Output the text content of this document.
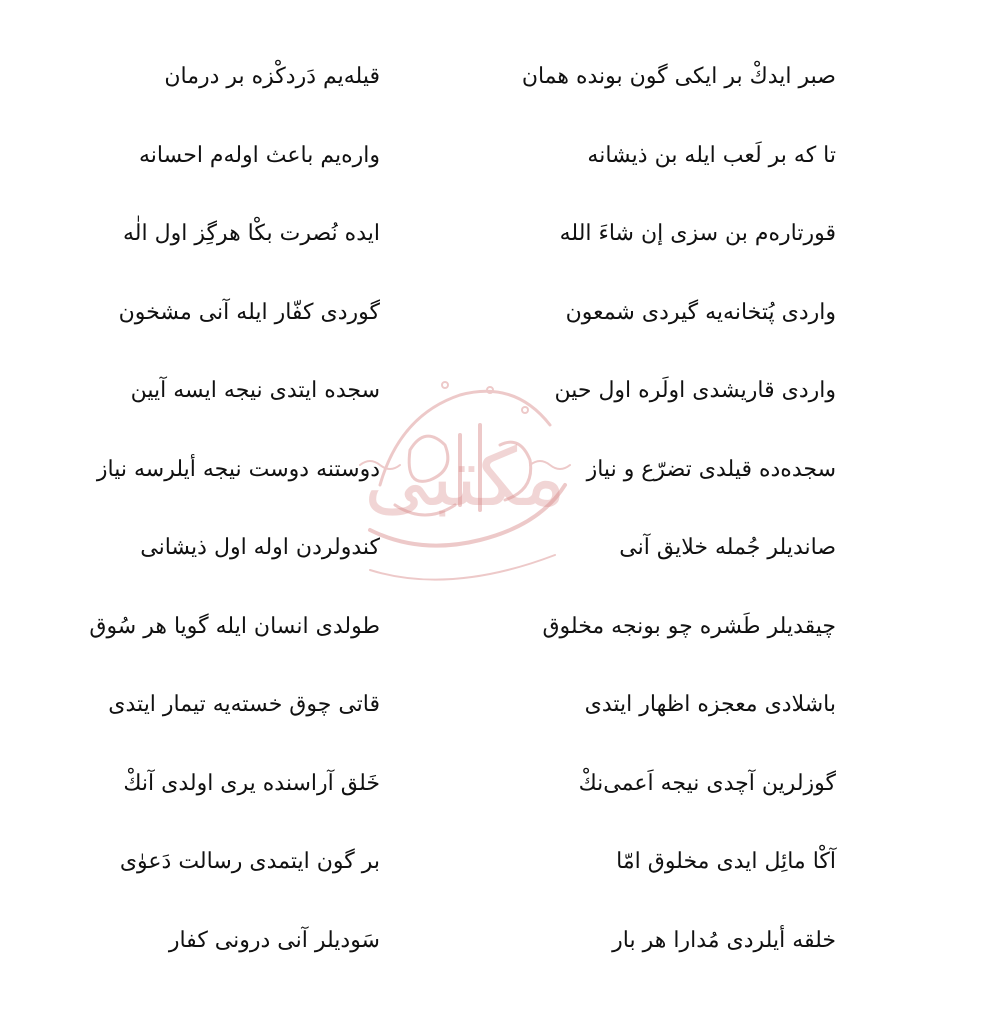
مکتبی
صبر ایدكْ بر ایکی گون بونده همان
قیلەیم دَردكْزه بر درمان
تا که بر لَعب ایله بن ذیشانه
وارەیم باعث اولەم احسانه
قورتارەم بن سزی إن شاءَ الله
ایده نُصرت بکْا هرگِز اول الٰه
واردی پُتخانەیه گیردی شمعون
گوردی کفّار ایله آنی مشخون
واردی قاریشدی اولَره اول حین
سجده ایتدی نیجه ایسه آیین
سجدەده قیلدی تضرّع و نیاز
دوستنه دوست نیجه أیلرسه نیاز
صاندیلر جُمله خلایق آنی
کندولردن اوله اول ذیشانی
چیقدیلر طَشره چو بونجه مخلوق
طولدی انسان ایله گویا هر سُوق
باشلادی معجزه اظهار ایتدی
قاتی چوق خستەیه تیمار ایتدی
گوزلرین آچدی نیجه اَعمی‌نكْ
خَلق آراسنده یری اولدی آنكْ
آکْا مائِل ایدی مخلوق امّا
بر گون ایتمدی رسالت دَعوٰی
خلقه أیلردی مُدارا هر بار
سَودیلر آنی درونی کفار
